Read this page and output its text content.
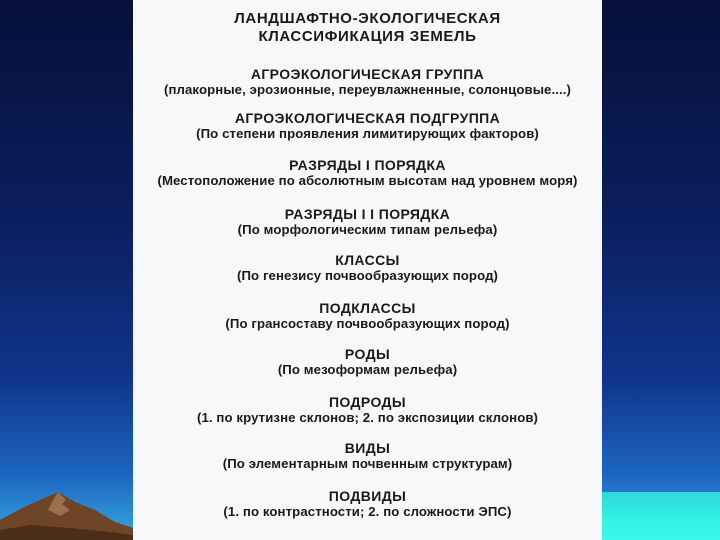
ЛАНДШАФТНО-ЭКОЛОГИЧЕСКАЯ
КЛАССИФИКАЦИЯ ЗЕМЕЛЬ
АГРОЭКОЛОГИЧЕСКАЯ ГРУППА
(плакорные, эрозионные, переувлажненные, солонцовые....)
АГРОЭКОЛОГИЧЕСКАЯ ПОДГРУППА
(По степени проявления лимитирующих факторов)
РАЗРЯДЫ I ПОРЯДКА
(Местоположение по абсолютным высотам над уровнем моря)
РАЗРЯДЫ I I ПОРЯДКА
(По морфологическим типам рельефа)
КЛАССЫ
(По генезису почвообразующих пород)
ПОДКЛАССЫ
(По грансоставу почвообразующих пород)
РОДЫ
(По мезоформам рельефа)
ПОДРОДЫ
(1. по крутизне склонов; 2. по экспозиции склонов)
ВИДЫ
(По элементарным почвенным структурам)
ПОДВИДЫ
(1. по контрастности; 2. по сложности ЭПС)
